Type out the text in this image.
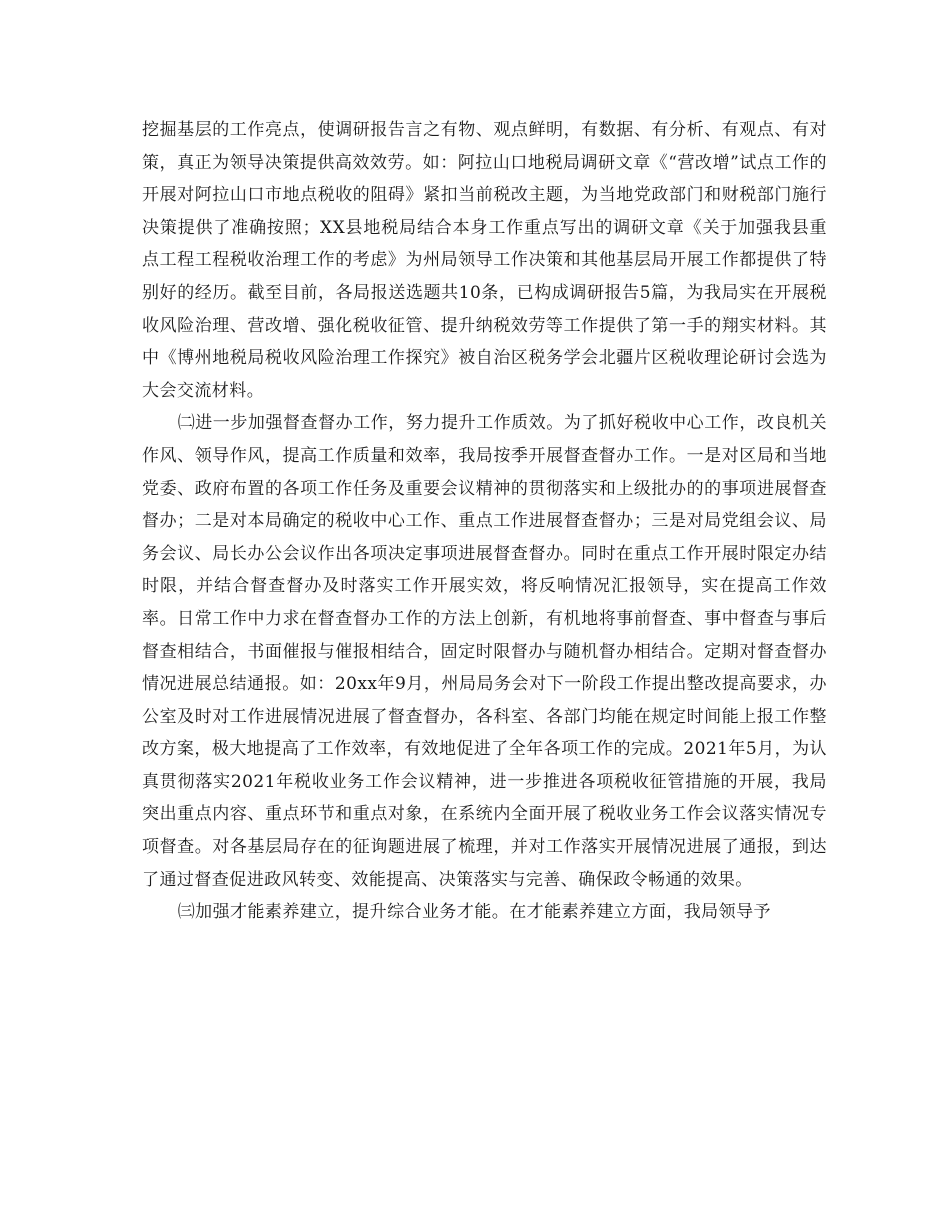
挖掘基层的工作亮点，使调研报告言之有物、观点鲜明，有数据、有分析、有观点、有对策，真正为领导决策提供高效效劳。如：阿拉山口地税局调研文章《“营改增”试点工作的开展对阿拉山口市地点税收的阻碍》紧扣当前税改主题，为当地党政部门和财税部门施行决策提供了准确按照；XX县地税局结合本身工作重点写出的调研文章《关于加强我县重点工程工程税收治理工作的考虑》为州局领导工作决策和其他基层局开展工作都提供了特别好的经历。截至目前，各局报送选题共10条，已构成调研报告5篇，为我局实在开展税收风险治理、营改增、强化税收征管、提升纳税效劳等工作提供了第一手的翔实材料。其中《博州地税局税收风险治理工作探究》被自治区税务学会北疆片区税收理论研讨会选为大会交流材料。

㈡进一步加强督查督办工作，努力提升工作质效。为了抓好税收中心工作，改良机关作风、领导作风，提高工作质量和效率，我局按季开展督查督办工作。一是对区局和当地党委、政府布置的各项工作任务及重要会议精神的贯彻落实和上级批办的的事项进展督查督办；二是对本局确定的税收中心工作、重点工作进展督查督办；三是对局党组会议、局务会议、局长办公会议作出各项决定事项进展督查督办。同时在重点工作开展时限定办结时限，并结合督查督办及时落实工作开展实效，将反响情况汇报领导，实在提高工作效率。日常工作中力求在督查督办工作的方法上创新，有机地将事前督查、事中督查与事后督查相结合，书面催报与催报相结合，固定时限督办与随机督办相结合。定期对督查督办情况进展总结通报。如：20xx年9月，州局局务会对下一阶段工作提出整改提高要求，办公室及时对工作进展情况进展了督查督办，各科室、各部门均能在规定时间能上报工作整改方案，极大地提高了工作效率，有效地促进了全年各项工作的完成。2021年5月，为认真贯彻落实2021年税收业务工作会议精神，进一步推进各项税收征管措施的开展，我局突出重点内容、重点环节和重点对象，在系统内全面开展了税收业务工作会议落实情况专项督查。对各基层局存在的征询题进展了梳理，并对工作落实开展情况进展了通报，到达了通过督查促进政风转变、效能提高、决策落实与完善、确保政令畅通的效果。

㈢加强才能素养建立，提升综合业务才能。在才能素养建立方面，我局领导予
